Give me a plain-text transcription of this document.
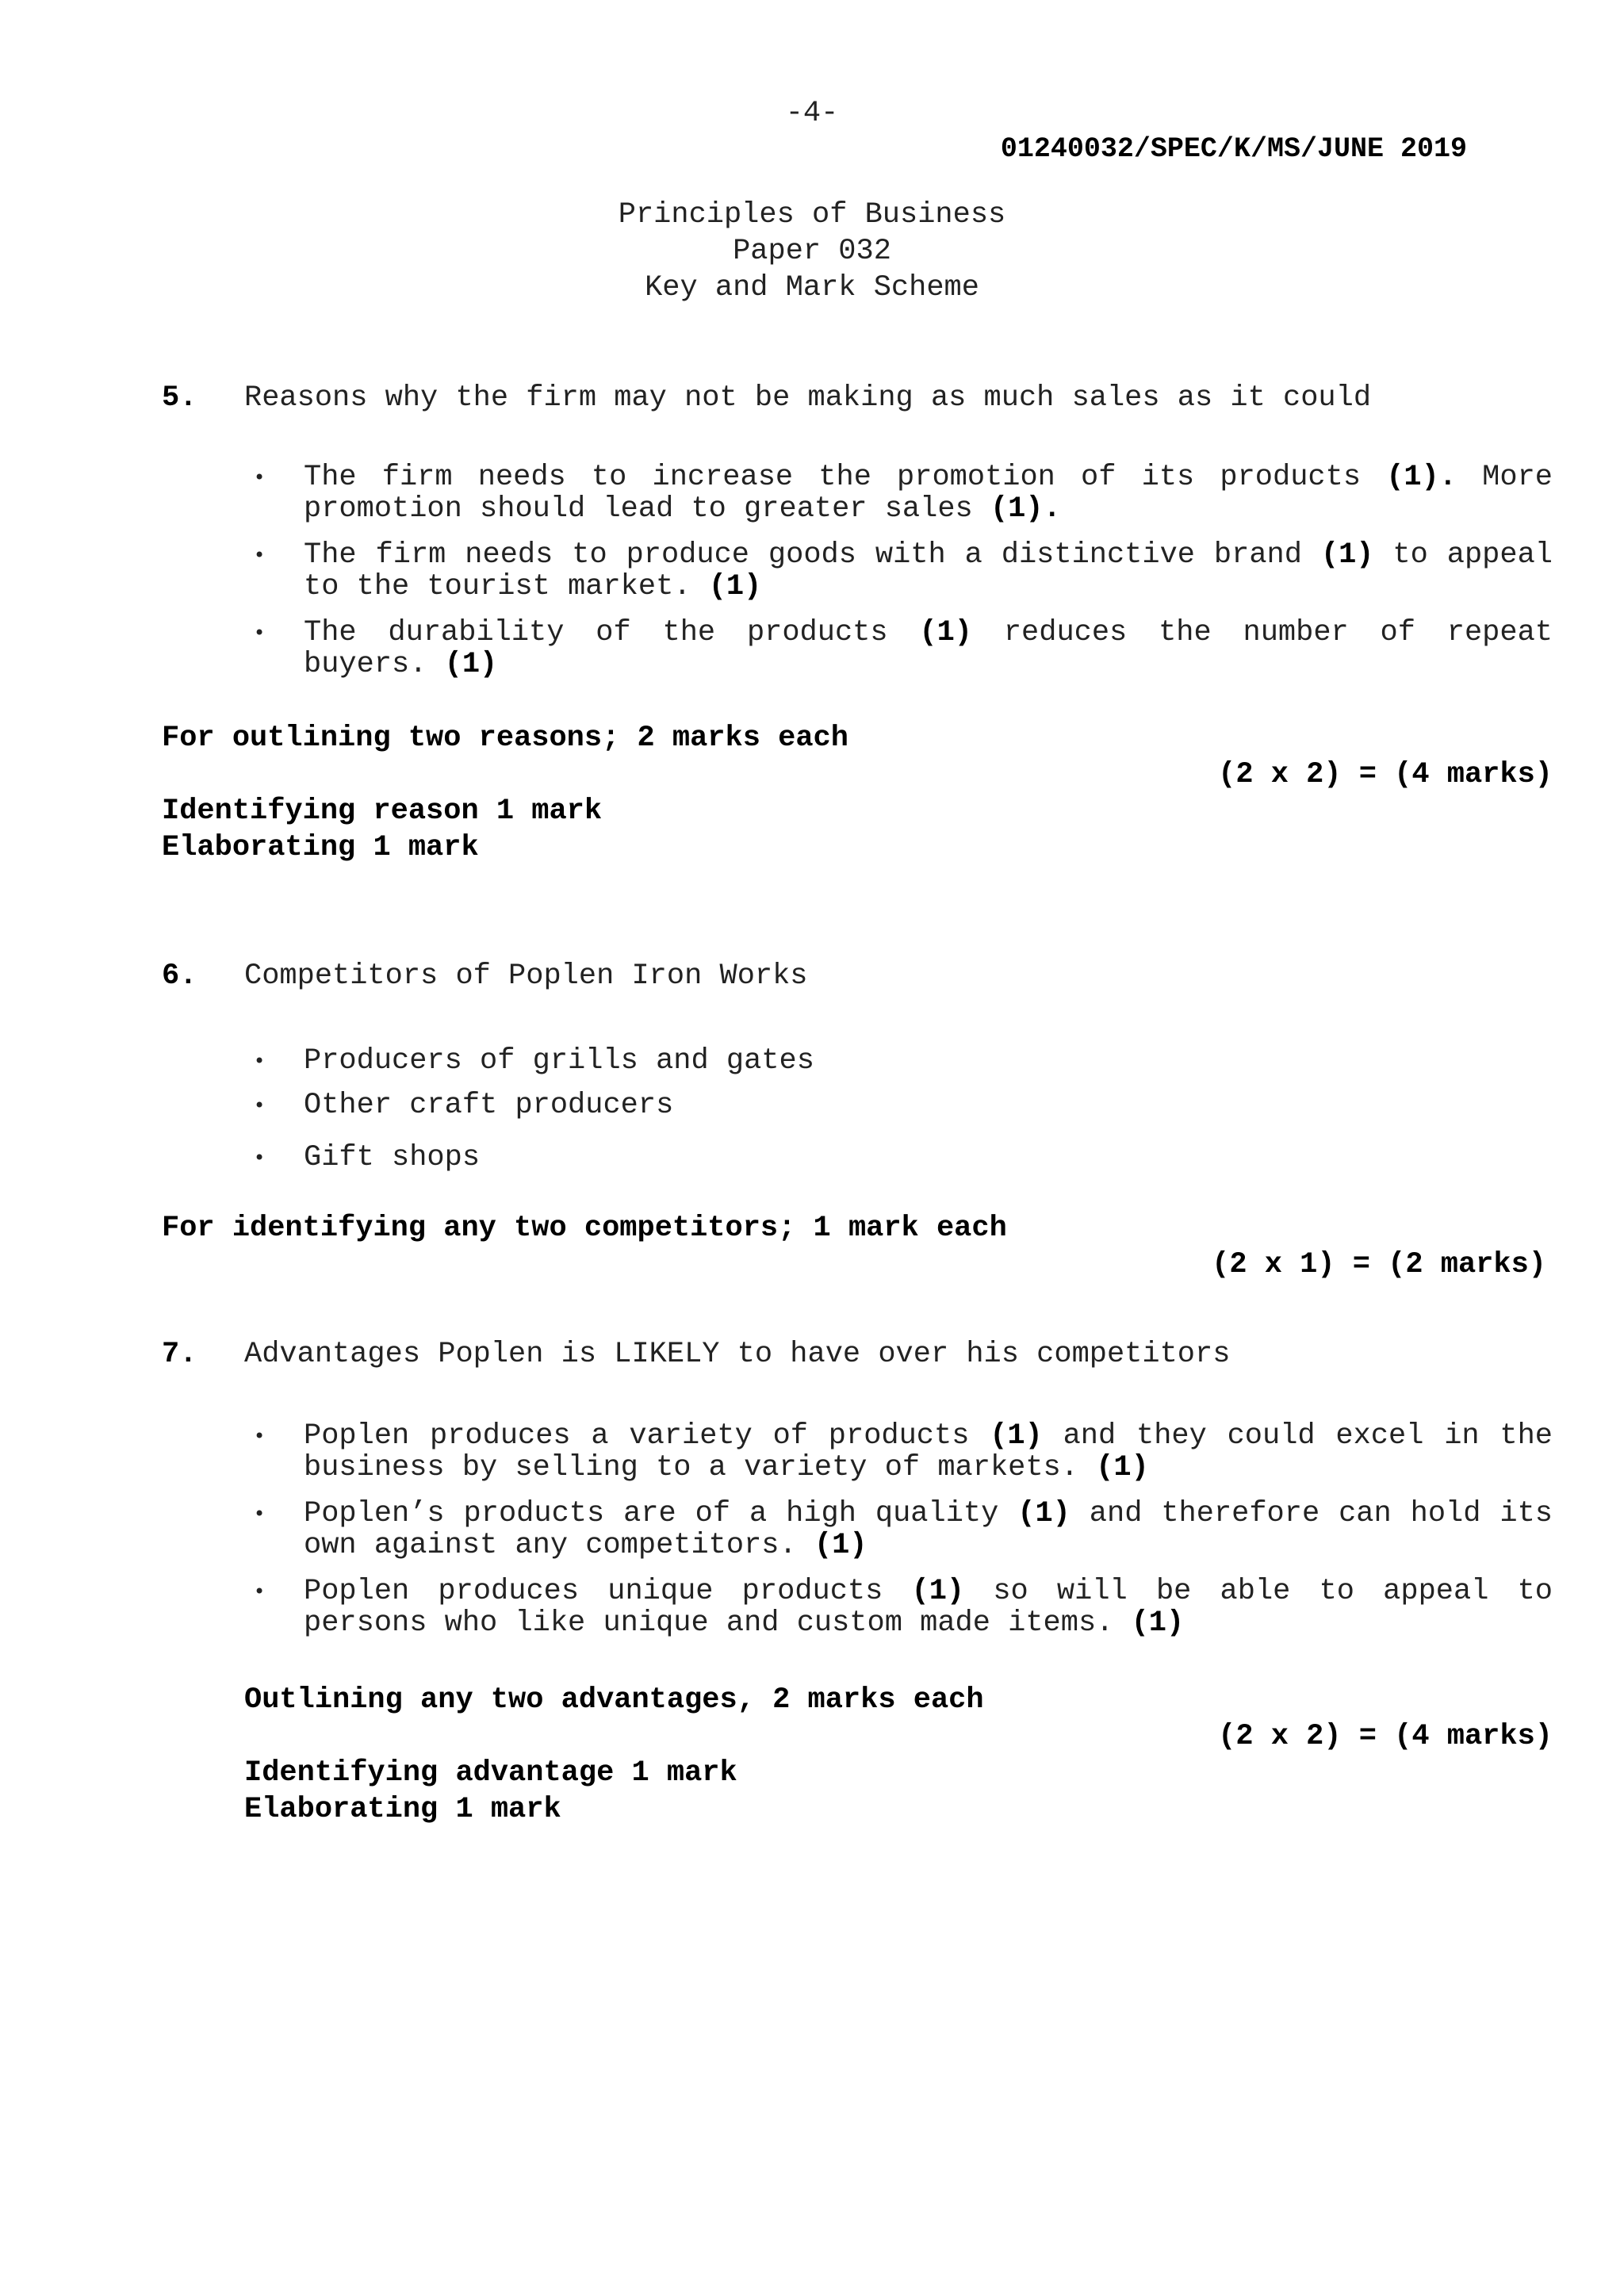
-4-
01240032/SPEC/K/MS/JUNE 2019
Principles of Business
Paper 032
Key and Mark Scheme
5.	Reasons why the firm may not be making as much sales as it could
• The firm needs to increase the promotion of its products (1). More promotion should lead to greater sales (1).
• The firm needs to produce goods with a distinctive brand (1) to appeal to the tourist market. (1)
• The durability of the products (1) reduces the number of repeat buyers. (1)
For outlining two reasons; 2 marks each
(2 x 2) = (4 marks)
Identifying reason 1 mark
Elaborating 1 mark
6.	Competitors of Poplen Iron Works
• Producers of grills and gates
• Other craft producers
• Gift shops
For identifying any two competitors; 1 mark each
(2 x 1) = (2 marks)
7.	Advantages Poplen is LIKELY to have over his competitors
• Poplen produces a variety of products (1) and they could excel in the business by selling to a variety of markets. (1)
• Poplen’s products are of a high quality (1) and therefore can hold its own against any competitors. (1)
• Poplen produces unique products (1) so will be able to appeal to persons who like unique and custom made items. (1)
Outlining any two advantages, 2 marks each
(2 x 2) = (4 marks)
Identifying advantage 1 mark
Elaborating 1 mark
